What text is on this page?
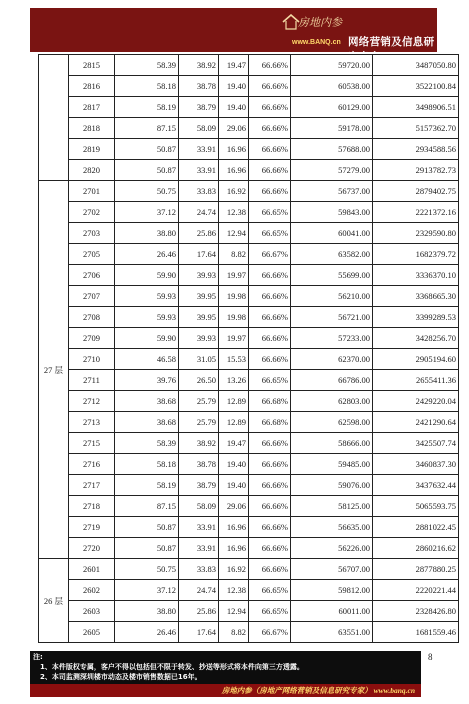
房地内参
www.BANQ.cn 网络营销及信息研究专家
	2815	58.39	38.92	19.47	66.66%	59720.00	3487050.80
	2816	58.18	38.78	19.40	66.66%	60538.00	3522100.84
	2817	58.19	38.79	19.40	66.66%	60129.00	3498906.51
	2818	87.15	58.09	29.06	66.66%	59178.00	5157362.70
	2819	50.87	33.91	16.96	66.66%	57688.00	2934588.56
	2820	50.87	33.91	16.96	66.66%	57279.00	2913782.73
27 层	2701	50.75	33.83	16.92	66.66%	56737.00	2879402.75
	2702	37.12	24.74	12.38	66.65%	59843.00	2221372.16
	2703	38.80	25.86	12.94	66.65%	60041.00	2329590.80
	2705	26.46	17.64	8.82	66.67%	63582.00	1682379.72
	2706	59.90	39.93	19.97	66.66%	55699.00	3336370.10
	2707	59.93	39.95	19.98	66.66%	56210.00	3368665.30
	2708	59.93	39.95	19.98	66.66%	56721.00	3399289.53
	2709	59.90	39.93	19.97	66.66%	57233.00	3428256.70
	2710	46.58	31.05	15.53	66.66%	62370.00	2905194.60
	2711	39.76	26.50	13.26	66.65%	66786.00	2655411.36
	2712	38.68	25.79	12.89	66.68%	62803.00	2429220.04
	2713	38.68	25.79	12.89	66.68%	62598.00	2421290.64
	2715	58.39	38.92	19.47	66.66%	58666.00	3425507.74
	2716	58.18	38.78	19.40	66.66%	59485.00	3460837.30
	2717	58.19	38.79	19.40	66.66%	59076.00	3437632.44
	2718	87.15	58.09	29.06	66.66%	58125.00	5065593.75
	2719	50.87	33.91	16.96	66.66%	56635.00	2881022.45
	2720	50.87	33.91	16.96	66.66%	56226.00	2860216.62
26 层	2601	50.75	33.83	16.92	66.66%	56707.00	2877880.25
	2602	37.12	24.74	12.38	66.65%	59812.00	2220221.44
	2603	38.80	25.86	12.94	66.65%	60011.00	2328426.80
	2605	26.46	17.64	8.82	66.67%	63551.00	1681559.46
注:
1、本件版权专属，客户不得以包括但不限于转发、抄送等形式将本件向第三方透露。
2、本司监测深圳楼市动态及楼市销售数据已16年。
8
房地内参（房地产网络营销及信息研究专家） www.banq.cn
